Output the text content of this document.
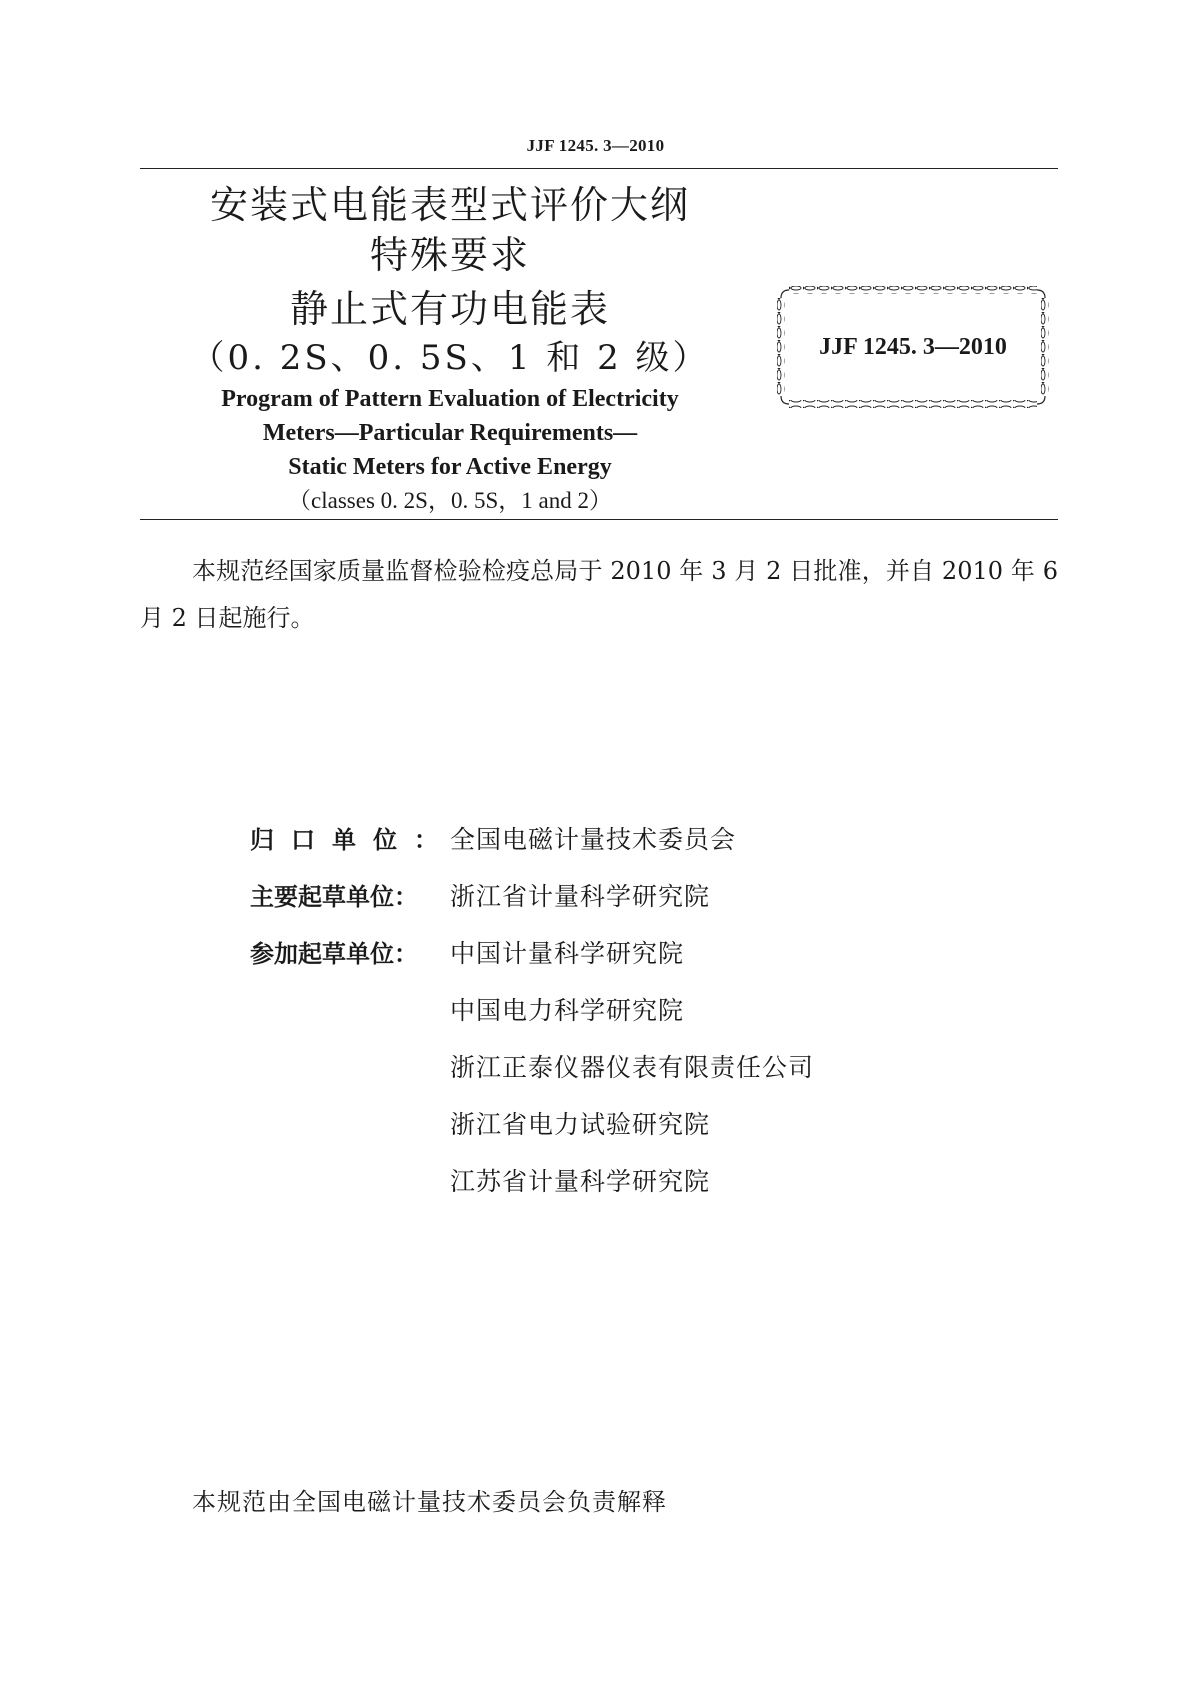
JJF 1245. 3—2010
安装式电能表型式评价大纲
特殊要求
静止式有功电能表
（0. 2S、0. 5S、1 和 2 级）
Program of Pattern Evaluation of Electricity
Meters—Particular Requirements—
Static Meters for Active Energy
（classes 0. 2S，0. 5S，1 and 2）
JJF 1245. 3—2010
本规范经国家质量监督检验检疫总局于 2010 年 3 月 2 日批准，并自 2010 年 6 月 2 日起施行。
归口单位：
全国电磁计量技术委员会
主要起草单位：	浙江省计量科学研究院
参加起草单位：	中国计量科学研究院
中国电力科学研究院
浙江正泰仪器仪表有限责任公司
浙江省电力试验研究院
江苏省计量科学研究院
本规范由全国电磁计量技术委员会负责解释
